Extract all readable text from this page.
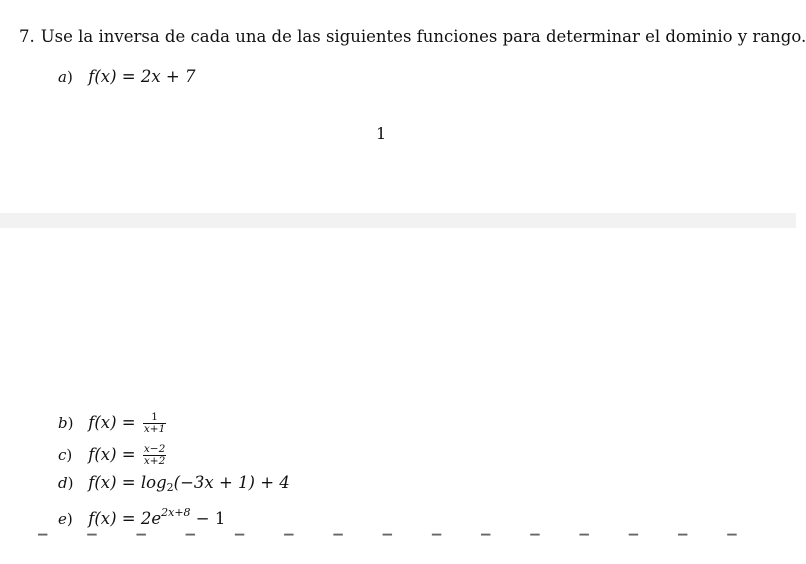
7. Use la inversa de cada una de las siguientes funciones para determinar el dominio y rango.
a) f(x) = 2x + 7
1
b) $f(x) = \frac{1}{x+1}$
c) $f(x) = \frac{x-2}{x+2}$
d) $f(x) = \log_2(-3x + 1) + 4$
e) $f(x) = 2e^{2x+8} - 1$
▔▔▔▔▔▔▔▔▔▔▔▔▔▔▔
